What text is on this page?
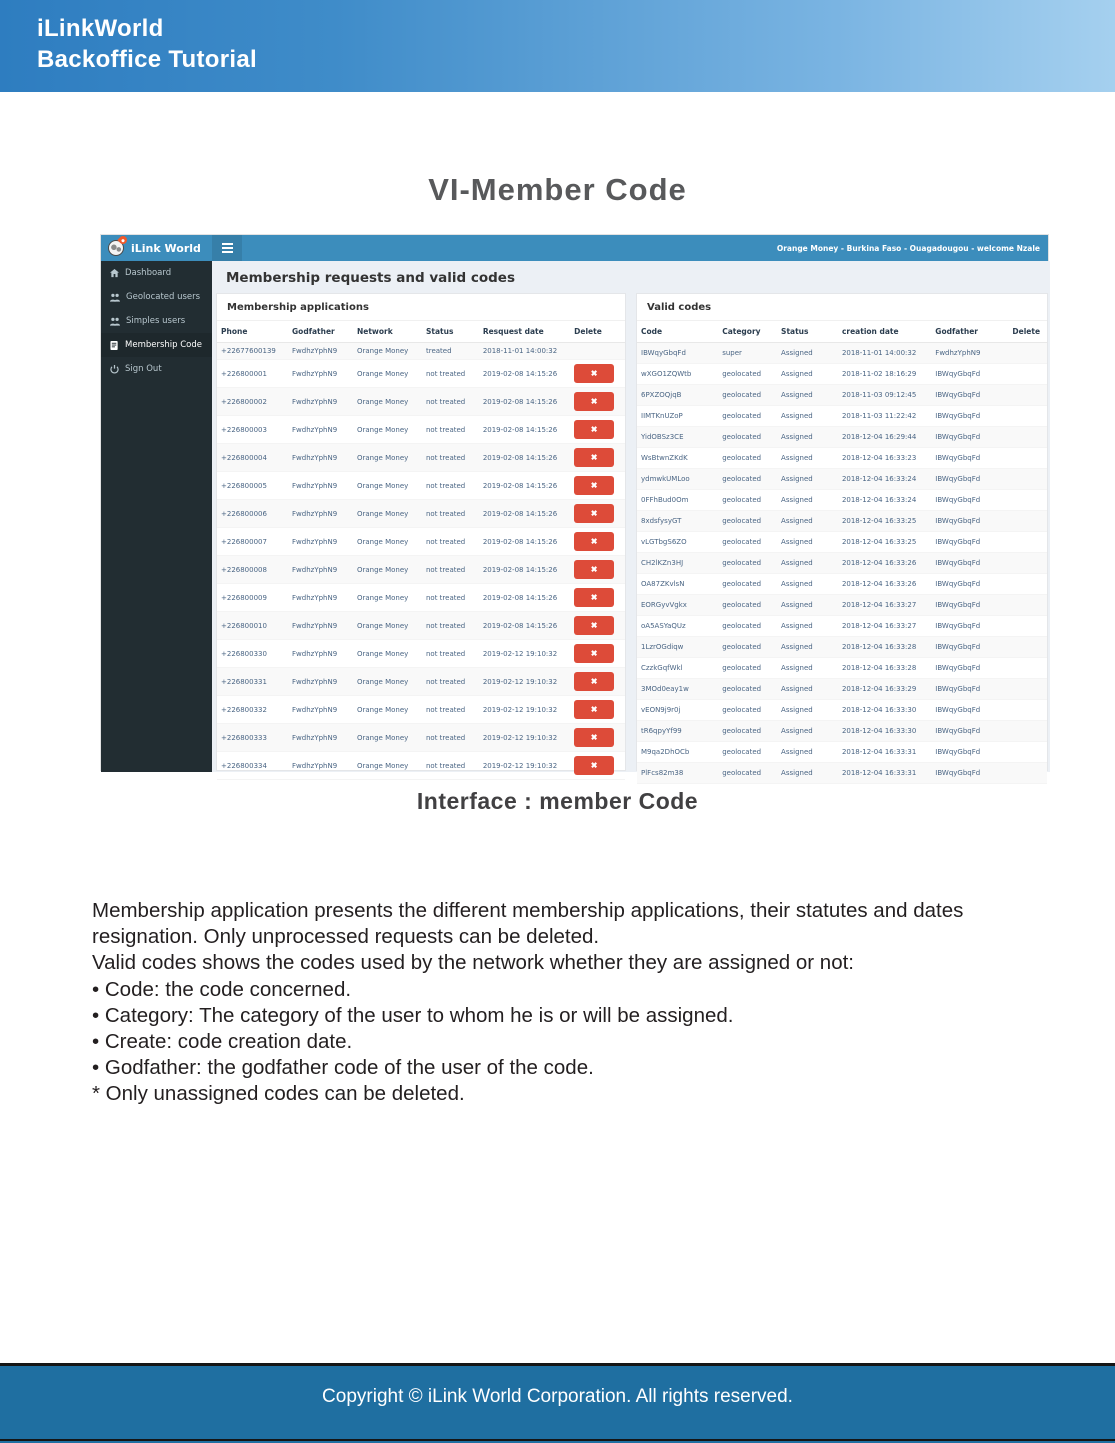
iLinkWorld
Backoffice Tutorial
VI-Member Code
iLink World	Orange Money - Burkina Faso - Ouagadougou - welcome Nzale
Dashboard
Geolocated users
Simples users
Membership Code
Sign Out
Membership requests and valid codes
Membership applications
Phone	Godfather	Network	Status	Resquest date	Delete
+22677600139	FwdhzYphN9	Orange Money	treated	2018-11-01 14:00:32	
+226800001	FwdhzYphN9	Orange Money	not treated	2019-02-08 14:15:26	✖

+226800002	FwdhzYphN9	Orange Money	not treated	2019-02-08 14:15:26	✖

+226800003	FwdhzYphN9	Orange Money	not treated	2019-02-08 14:15:26	✖

+226800004	FwdhzYphN9	Orange Money	not treated	2019-02-08 14:15:26	✖

+226800005	FwdhzYphN9	Orange Money	not treated	2019-02-08 14:15:26	✖

+226800006	FwdhzYphN9	Orange Money	not treated	2019-02-08 14:15:26	✖

+226800007	FwdhzYphN9	Orange Money	not treated	2019-02-08 14:15:26	✖

+226800008	FwdhzYphN9	Orange Money	not treated	2019-02-08 14:15:26	✖

+226800009	FwdhzYphN9	Orange Money	not treated	2019-02-08 14:15:26	✖

+226800010	FwdhzYphN9	Orange Money	not treated	2019-02-08 14:15:26	✖

+226800330	FwdhzYphN9	Orange Money	not treated	2019-02-12 19:10:32	✖

+226800331	FwdhzYphN9	Orange Money	not treated	2019-02-12 19:10:32	✖

+226800332	FwdhzYphN9	Orange Money	not treated	2019-02-12 19:10:32	✖

+226800333	FwdhzYphN9	Orange Money	not treated	2019-02-12 19:10:32	✖

+226800334	FwdhzYphN9	Orange Money	not treated	2019-02-12 19:10:32	✖
Valid codes
Code	Category	Status	creation date	Godfather	Delete
IBWqyGbqFd	super	Assigned	2018-11-01 14:00:32	FwdhzYphN9	
wXGO1ZQWtb	geolocated	Assigned	2018-11-02 18:16:29	IBWqyGbqFd	
6PXZOQjqB	geolocated	Assigned	2018-11-03 09:12:45	IBWqyGbqFd	
IIMTKnUZoP	geolocated	Assigned	2018-11-03 11:22:42	IBWqyGbqFd	
YidOBSz3CE	geolocated	Assigned	2018-12-04 16:29:44	IBWqyGbqFd	
WsBtwnZKdK	geolocated	Assigned	2018-12-04 16:33:23	IBWqyGbqFd	
ydmwkUMLoo	geolocated	Assigned	2018-12-04 16:33:24	IBWqyGbqFd	
0FFhBud0Om	geolocated	Assigned	2018-12-04 16:33:24	IBWqyGbqFd	
8xdsfysyGT	geolocated	Assigned	2018-12-04 16:33:25	IBWqyGbqFd	
vLGTbgS6ZO	geolocated	Assigned	2018-12-04 16:33:25	IBWqyGbqFd	
CH2lKZn3HJ	geolocated	Assigned	2018-12-04 16:33:26	IBWqyGbqFd	
OA87ZKvlsN	geolocated	Assigned	2018-12-04 16:33:26	IBWqyGbqFd	
EORGyvVgkx	geolocated	Assigned	2018-12-04 16:33:27	IBWqyGbqFd	
oA5ASYaQUz	geolocated	Assigned	2018-12-04 16:33:27	IBWqyGbqFd	
1LzrOGdiqw	geolocated	Assigned	2018-12-04 16:33:28	IBWqyGbqFd	
CzzkGqfWkl	geolocated	Assigned	2018-12-04 16:33:28	IBWqyGbqFd	
3MOd0eay1w	geolocated	Assigned	2018-12-04 16:33:29	IBWqyGbqFd	
vEON9j9r0j	geolocated	Assigned	2018-12-04 16:33:30	IBWqyGbqFd	
tR6qpyYf99	geolocated	Assigned	2018-12-04 16:33:30	IBWqyGbqFd	
M9qa2DhOCb	geolocated	Assigned	2018-12-04 16:33:31	IBWqyGbqFd	
PlFcs82m38	geolocated	Assigned	2018-12-04 16:33:31	IBWqyGbqFd	
Interface : member Code
Membership application presents the different membership applications, their statutes and dates
resignation. Only unprocessed requests can be deleted.
Valid codes shows the codes used by the network whether they are assigned or not:
• Code: the code concerned.
• Category: The category of the user to whom he is or will be assigned.
• Create: code creation date.
• Godfather: the godfather code of the user of the code.
* Only unassigned codes can be deleted.
Copyright © iLink World Corporation. All rights reserved.
